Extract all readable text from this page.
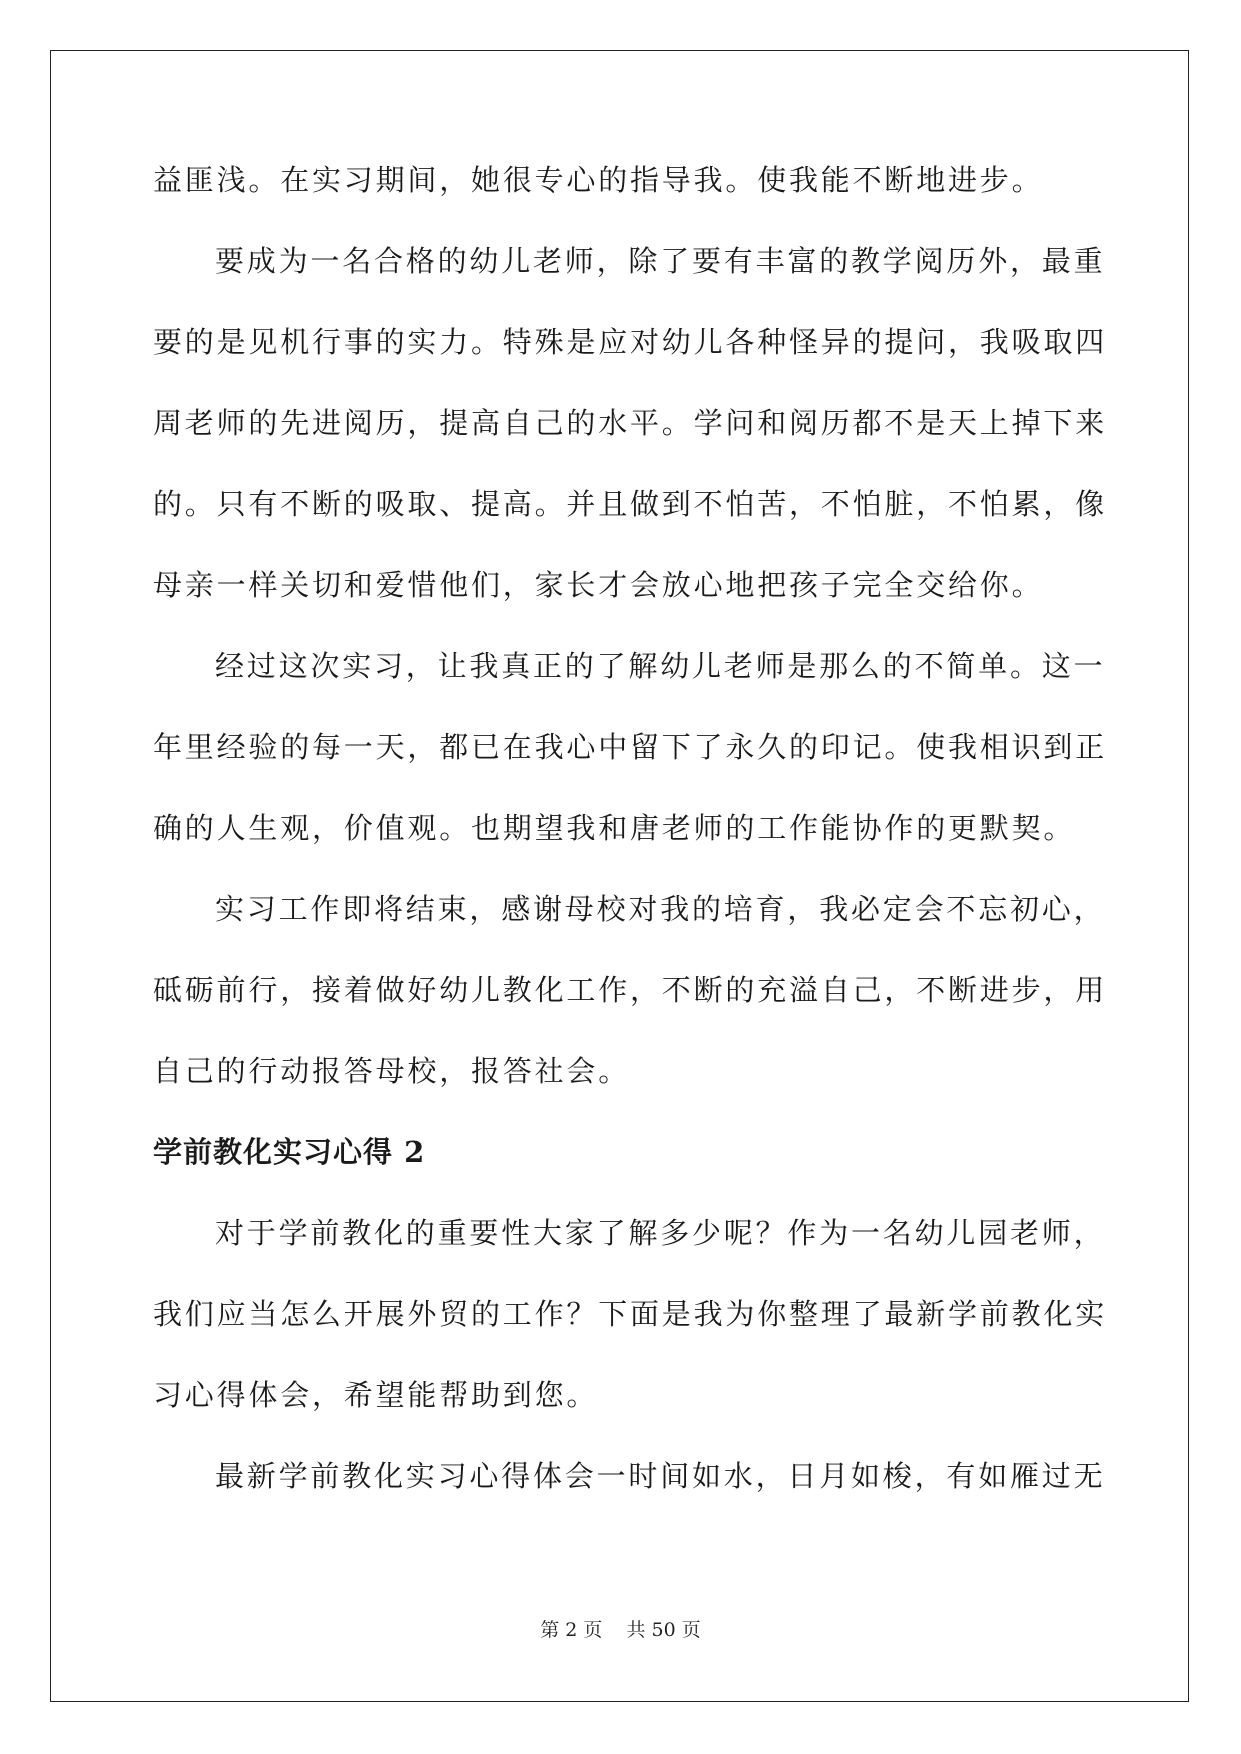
益匪浅。在实习期间，她很专心的指导我。使我能不断地进步。

要成为一名合格的幼儿老师，除了要有丰富的教学阅历外，最重

要的是见机行事的实力。特殊是应对幼儿各种怪异的提问，我吸取四

周老师的先进阅历，提高自己的水平。学问和阅历都不是天上掉下来

的。只有不断的吸取、提高。并且做到不怕苦，不怕脏，不怕累，像

母亲一样关切和爱惜他们，家长才会放心地把孩子完全交给你。

经过这次实习，让我真正的了解幼儿老师是那么的不简单。这一

年里经验的每一天，都已在我心中留下了永久的印记。使我相识到正

确的人生观，价值观。也期望我和唐老师的工作能协作的更默契。

实习工作即将结束，感谢母校对我的培育，我必定会不忘初心，

砥砺前行，接着做好幼儿教化工作，不断的充溢自己，不断进步，用

自己的行动报答母校，报答社会。

学前教化实习心得 2

对于学前教化的重要性大家了解多少呢？作为一名幼儿园老师，

我们应当怎么开展外贸的工作？下面是我为你整理了最新学前教化实

习心得体会，希望能帮助到您。

最新学前教化实习心得体会一时间如水，日月如梭，有如雁过无

第 2 页 共 50 页
